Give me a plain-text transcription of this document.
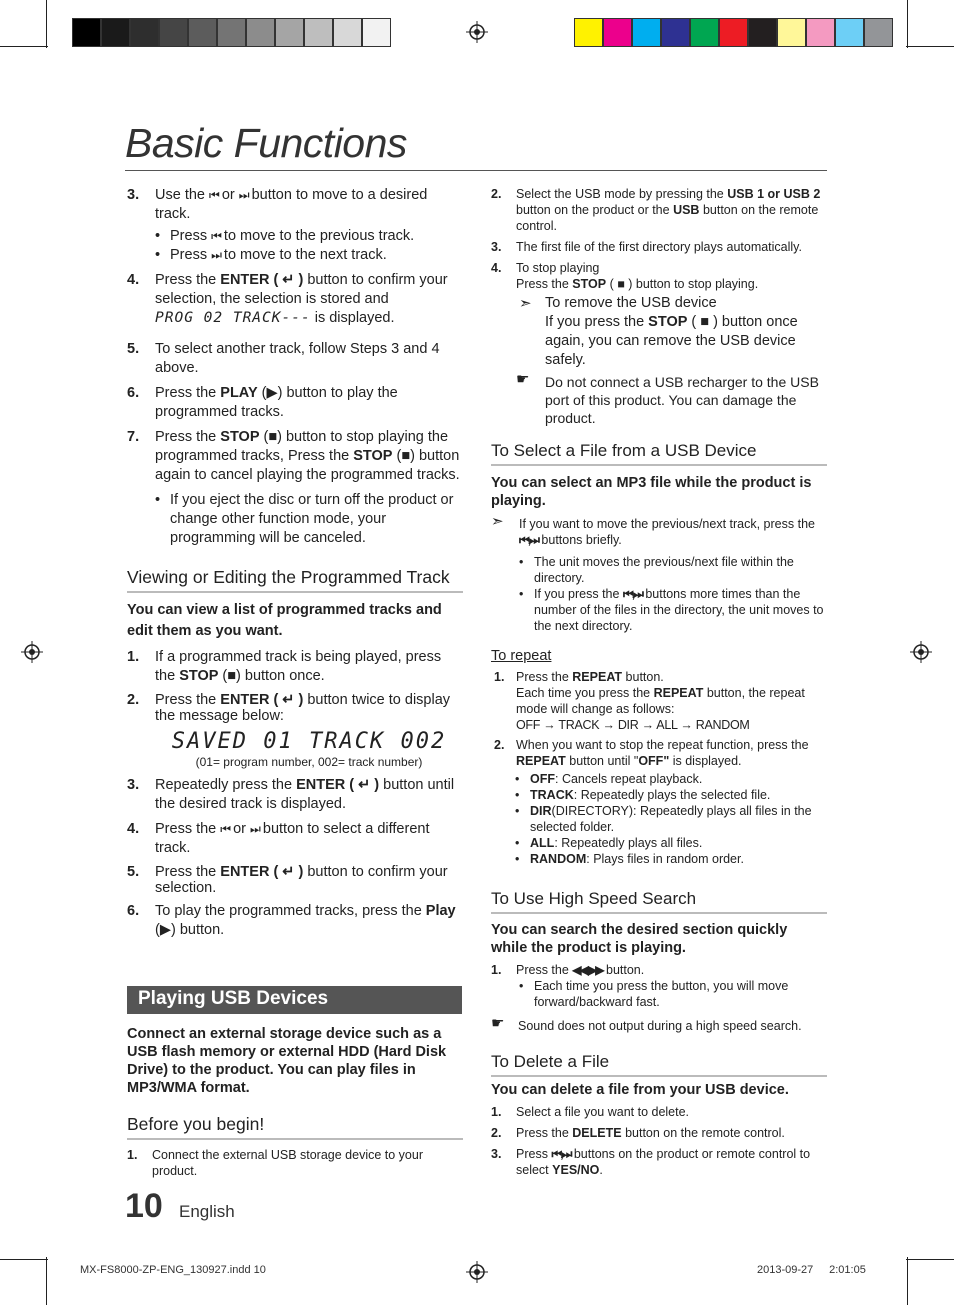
Basic Functions
3. Use the ⏮ or ⏭ button to move to a desired track.
• Press ⏮ to move to the previous track.
• Press ⏭ to move to the next track.
4. Press the ENTER ( ↵ ) button to confirm your selection, the selection is stored and
PROG 02 TRACK--- is displayed.
5. To select another track, follow Steps 3 and 4 above.
6. Press the PLAY (▶) button to play the programmed tracks.
7. Press the STOP (■) button to stop playing the programmed tracks, Press the STOP (■) button again to cancel playing the programmed tracks.
• If you eject the disc or turn off the product or change other function mode, your programming will be canceled.
Viewing or Editing the Programmed Track
You can view a list of programmed tracks and edit them as you want.
1. If a programmed track is being played, press the STOP (■) button once.
2. Press the ENTER ( ↵ ) button twice to display the message below:
SAVED 01 TRACK 002
(01= program number, 002= track number)
3. Repeatedly press the ENTER ( ↵ ) button until the desired track is displayed.
4. Press the ⏮ or ⏭ button to select a different track.
5. Press the ENTER ( ↵ ) button to confirm your selection.
6. To play the programmed tracks, press the Play (▶) button.
Playing USB Devices
Connect an external storage device such as a USB flash memory or external HDD (Hard Disk Drive) to the product. You can play files in MP3/WMA format.
Before you begin!
1. Connect the external USB storage device to your product.
2. Select the USB mode by pressing the USB 1 or USB 2 button on the product or the USB button on the remote control.
3. The first file of the first directory plays automatically.
4. To stop playing
Press the STOP ( ■ ) button to stop playing.
➣ To remove the USB device
If you press the STOP ( ■ ) button once again, you can remove the USB device safely.
☛	Do not connect a USB recharger to the USB port of this product. You can damage the product.
To Select a File from a USB Device
You can select an MP3 file while the product is playing.
➣	If you want to move the previous/next track, press the ⏮,⏭ buttons briefly.
• The unit moves the previous/next file within the directory.
• If you press the ⏮,⏭ buttons more times than the number of the files in the directory, the unit moves to the next directory.
To repeat
1. Press the REPEAT button.
Each time you press the REPEAT button, the repeat mode will change as follows:
OFF → TRACK → DIR → ALL → RANDOM
2. When you want to stop the repeat function, press the REPEAT button until "OFF" is displayed.
• OFF: Cancels repeat playback.
• TRACK: Repeatedly plays the selected file.
• DIR(DIRECTORY): Repeatedly plays all files in the selected folder.
• ALL: Repeatedly plays all files.
• RANDOM: Plays files in random order.
To Use High Speed Search
You can search the desired section quickly while the product is playing.
1. Press the ◀◀,▶▶ button.
• Each time you press the button, you will move forward/backward fast.
☛	Sound does not output during a high speed search.
To Delete a File
You can delete a file from your USB device.
1. Select a file you want to delete.
2. Press the DELETE button on the remote control.
3. Press ⏮,⏭ buttons on the product or remote control to select YES/NO.
10 English
MX-FS8000-ZP-ENG_130927.indd 10	2013-09-27 2:01:05
